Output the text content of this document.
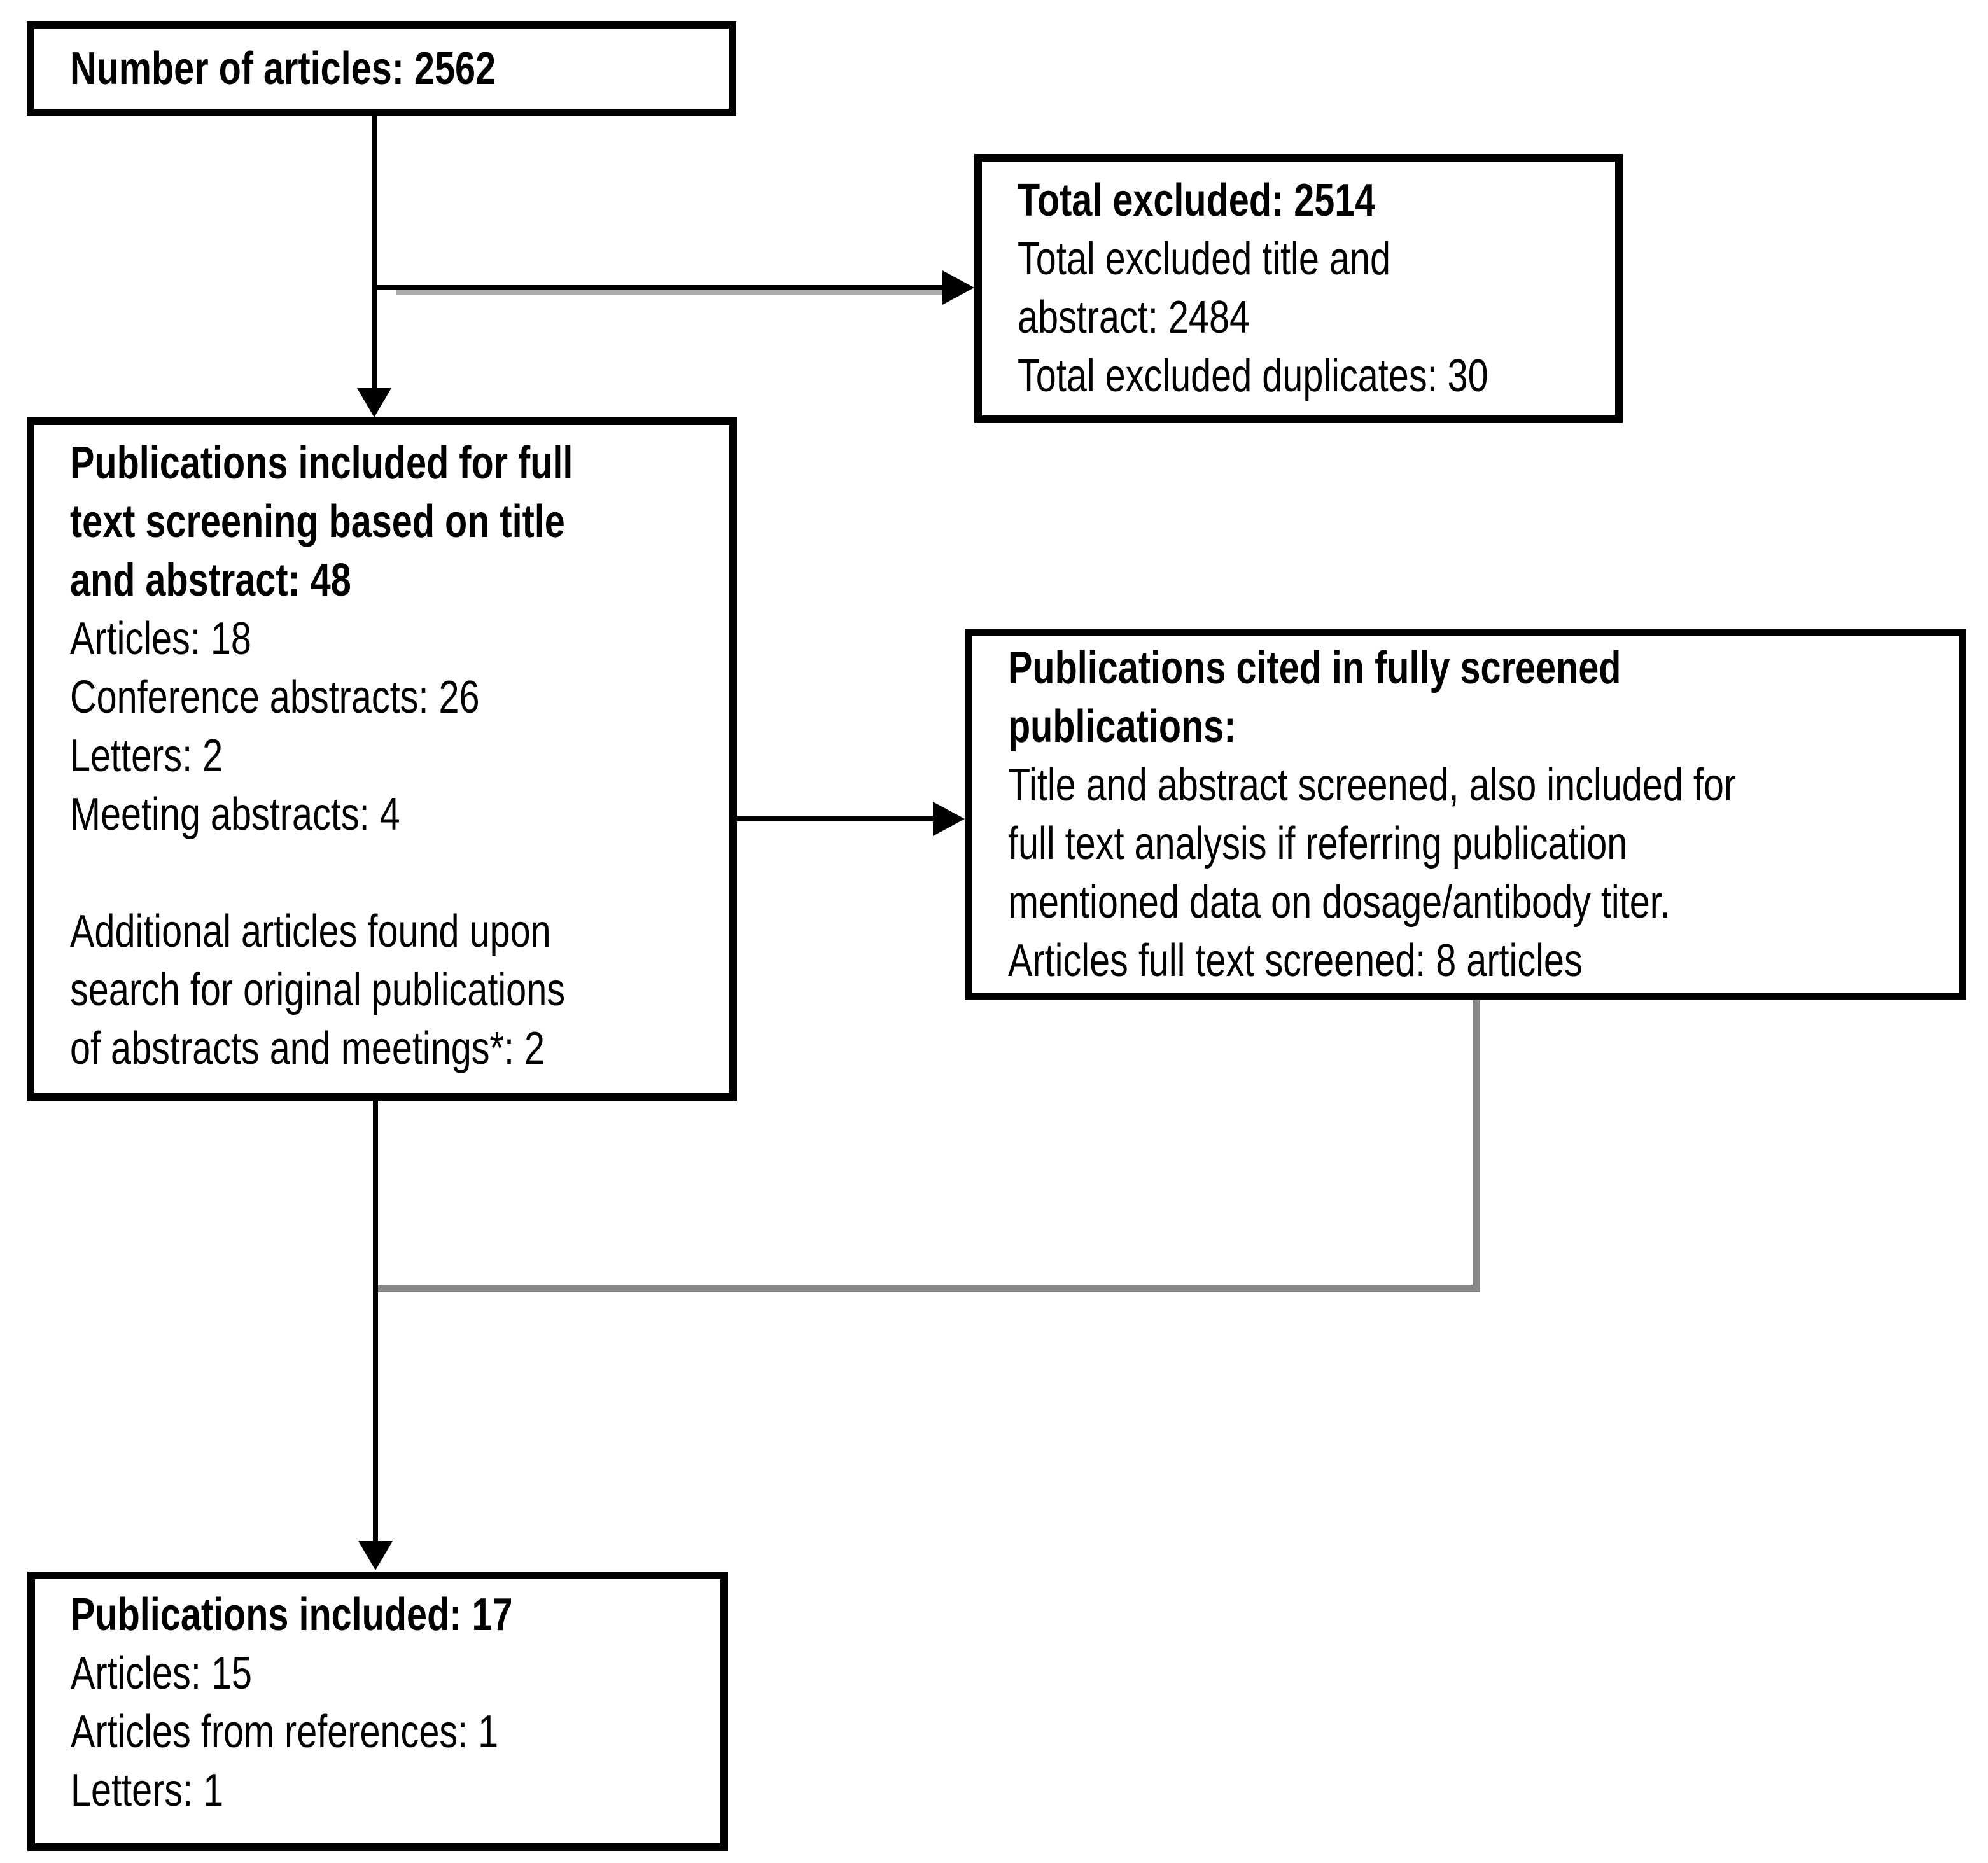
Number of articles: 2562
Total excluded: 2514
Total excluded title and
abstract: 2484
Total excluded duplicates: 30
Publications included for full
text screening based on title
and abstract: 48
Articles: 18
Conference abstracts: 26
Letters: 2
Meeting abstracts: 4
Additional articles found upon
search for original publications
of abstracts and meetings*: 2
Publications cited in fully screened
publications:
Title and abstract screened, also included for
full text analysis if referring publication
mentioned data on dosage/antibody titer.
Articles full text screened: 8 articles
Publications included: 17
Articles: 15
Articles from references: 1
Letters: 1
